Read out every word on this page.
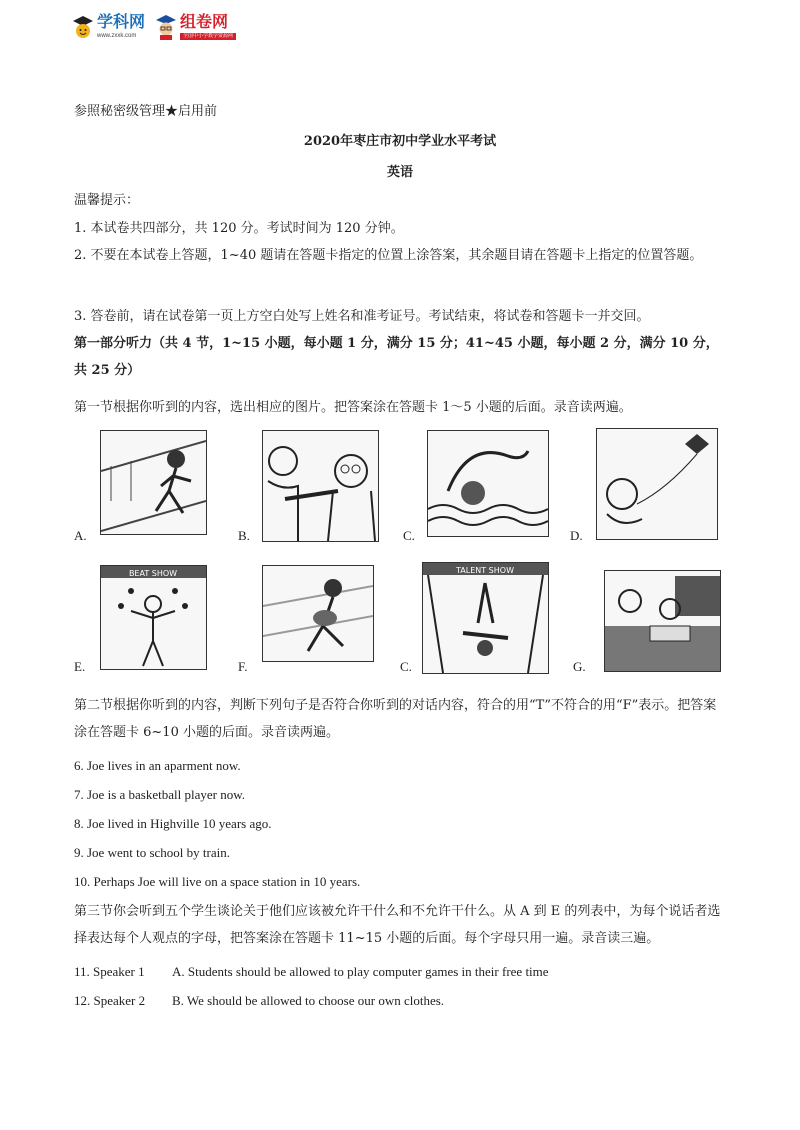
学科网
www.zxxk.com
组卷网
全国中小学教学资源网
参照秘密级管理★启用前
2020年枣庄市初中学业水平考试
英语
温馨提示：
1. 本试卷共四部分，共 120 分。考试时间为 120 分钟。
2. 不要在本试卷上答题，1~40 题请在答题卡指定的位置上涂答案，其余题目请在答题卡上指定的位置答题。
3. 答卷前，请在试卷第一页上方空白处写上姓名和准考证号。考试结束，将试卷和答题卡一并交回。
第一部分听力（共 4 节，1~15 小题，每小题 1 分，满分 15 分；41~45 小题，每小题 2 分，满分 10 分，共 25 分）
第一节根据你听到的内容，选出相应的图片。把答案涂在答题卡 1～5 小题的后面。录音读两遍。
A.	B.	C.	D.
BEAT SHOW
E.	F.
TALENT SHOW
C.	G.
第二节根据你听到的内容，判断下列句子是否符合你听到的对话内容，符合的用“T”不符合的用“F”表示。把答案涂在答题卡 6~10 小题的后面。录音读两遍。
6. Joe lives in an aparment now.
7. Joe is a basketball player now.
8. Joe lived in Highville 10 years ago.
9. Joe went to school by train.
10. Perhaps Joe will live on a space station in 10 years.
第三节你会听到五个学生谈论关于他们应该被允许干什么和不允许干什么。从 A 到 E 的列表中，为每个说话者选择表达每个人观点的字母，把答案涂在答题卡 11~15 小题的后面。每个字母只用一遍。录音读三遍。
11. Speaker 1 A. Students should be allowed to play computer games in their free time
12. Speaker 2 B. We should be allowed to choose our own clothes.
